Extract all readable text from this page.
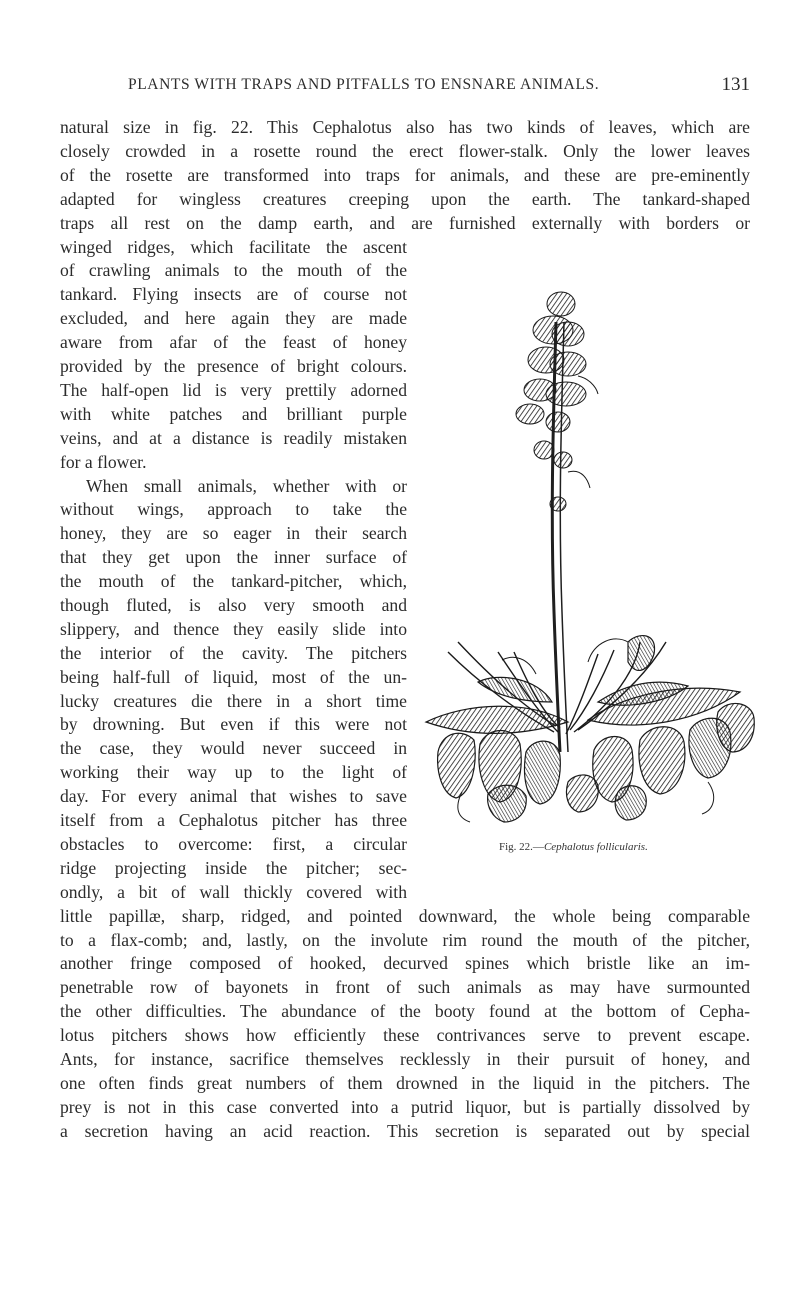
PLANTS WITH TRAPS AND PITFALLS TO ENSNARE ANIMALS.	131
natural size in fig. 22. This Cephalotus also has two kinds of leaves, which are
closely crowded in a rosette round the erect flower-stalk. Only the lower leaves
of the rosette are transformed into traps for animals, and these are pre-eminently
adapted for wingless creatures creeping upon the earth. The tankard-shaped
traps all rest on the damp earth, and are furnished externally with borders or
winged ridges, which facilitate the ascent
of crawling animals to the mouth of the
tankard. Flying insects are of course not
excluded, and here again they are made
aware from afar of the feast of honey
provided by the presence of bright colours.
The half-open lid is very prettily adorned
with white patches and brilliant purple
veins, and at a distance is readily mistaken
for a flower.
When small animals, whether with or
without wings, approach to take the
honey, they are so eager in their search
that they get upon the inner surface of
the mouth of the tankard-pitcher, which,
though fluted, is also very smooth and
slippery, and thence they easily slide into
the interior of the cavity. The pitchers
being half-full of liquid, most of the un-
lucky creatures die there in a short time
by drowning. But even if this were not
the case, they would never succeed in
working their way up to the light of
day. For every animal that wishes to save
itself from a Cephalotus pitcher has three
obstacles to overcome: first, a circular
ridge projecting inside the pitcher; sec-
ondly, a bit of wall thickly covered with
little papillæ, sharp, ridged, and pointed downward, the whole being comparable
to a flax-comb; and, lastly, on the involute rim round the mouth of the pitcher,
another fringe composed of hooked, decurved spines which bristle like an im-
penetrable row of bayonets in front of such animals as may have surmounted
the other difficulties. The abundance of the booty found at the bottom of Cepha-
lotus pitchers shows how efficiently these contrivances serve to prevent escape.
Ants, for instance, sacrifice themselves recklessly in their pursuit of honey, and
one often finds great numbers of them drowned in the liquid in the pitchers. The
prey is not in this case converted into a putrid liquor, but is partially dissolved by
a secretion having an acid reaction. This secretion is separated out by special
Fig. 22.—Cephalotus follicularis.
